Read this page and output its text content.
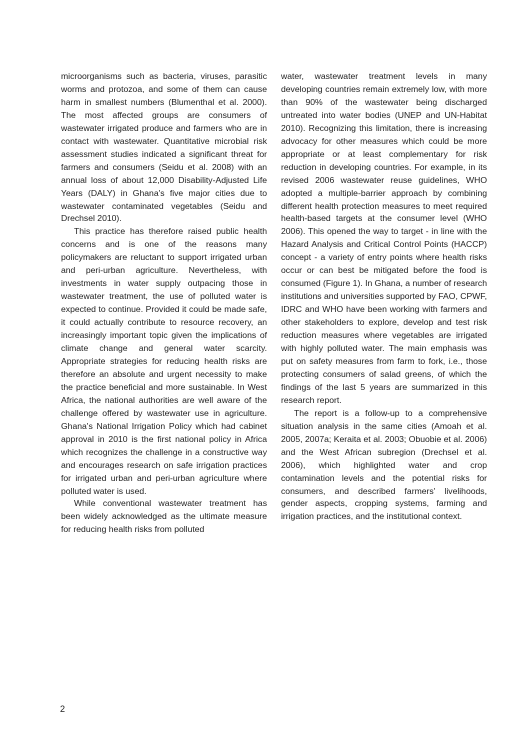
microorganisms such as bacteria, viruses, parasitic worms and protozoa, and some of them can cause harm in smallest numbers (Blumenthal et al. 2000). The most affected groups are consumers of wastewater irrigated produce and farmers who are in contact with wastewater. Quantitative microbial risk assessment studies indicated a significant threat for farmers and consumers (Seidu et al. 2008) with an annual loss of about 12,000 Disability-Adjusted Life Years (DALY) in Ghana's five major cities due to wastewater contaminated vegetables (Seidu and Drechsel 2010).

This practice has therefore raised public health concerns and is one of the reasons many policymakers are reluctant to support irrigated urban and peri-urban agriculture. Nevertheless, with investments in water supply outpacing those in wastewater treatment, the use of polluted water is expected to continue. Provided it could be made safe, it could actually contribute to resource recovery, an increasingly important topic given the implications of climate change and general water scarcity. Appropriate strategies for reducing health risks are therefore an absolute and urgent necessity to make the practice beneficial and more sustainable. In West Africa, the national authorities are well aware of the challenge offered by wastewater use in agriculture. Ghana's National Irrigation Policy which had cabinet approval in 2010 is the first national policy in Africa which recognizes the challenge in a constructive way and encourages research on safe irrigation practices for irrigated urban and peri-urban agriculture where polluted water is used.

While conventional wastewater treatment has been widely acknowledged as the ultimate measure for reducing health risks from polluted

water, wastewater treatment levels in many developing countries remain extremely low, with more than 90% of the wastewater being discharged untreated into water bodies (UNEP and UN-Habitat 2010). Recognizing this limitation, there is increasing advocacy for other measures which could be more appropriate or at least complementary for risk reduction in developing countries. For example, in its revised 2006 wastewater reuse guidelines, WHO adopted a multiple-barrier approach by combining different health protection measures to meet required health-based targets at the consumer level (WHO 2006). This opened the way to target - in line with the Hazard Analysis and Critical Control Points (HACCP) concept - a variety of entry points where health risks occur or can best be mitigated before the food is consumed (Figure 1). In Ghana, a number of research institutions and universities supported by FAO, CPWF, IDRC and WHO have been working with farmers and other stakeholders to explore, develop and test risk reduction measures where vegetables are irrigated with highly polluted water. The main emphasis was put on safety measures from farm to fork, i.e., those protecting consumers of salad greens, of which the findings of the last 5 years are summarized in this research report.

The report is a follow-up to a comprehensive situation analysis in the same cities (Amoah et al. 2005, 2007a; Keraita et al. 2003; Obuobie et al. 2006) and the West African subregion (Drechsel et al. 2006), which highlighted water and crop contamination levels and the potential risks for consumers, and described farmers' livelihoods, gender aspects, cropping systems, farming and irrigation practices, and the institutional context.

2
